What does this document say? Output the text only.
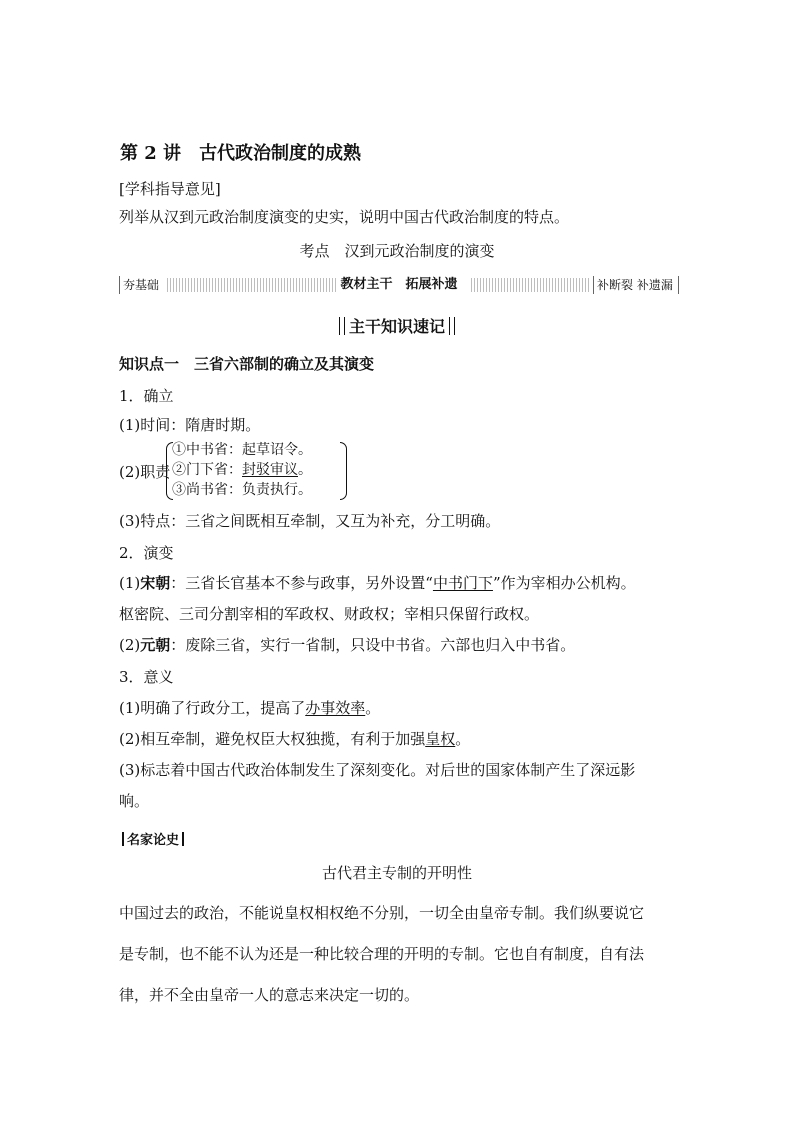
第 2 讲 古代政治制度的成熟
[学科指导意见]
列举从汉到元政治制度演变的史实，说明中国古代政治制度的特点。
考点　汉到元政治制度的演变
夯基础	教材主干　拓展补遗	补断裂 补遗漏
主干知识速记
知识点一　三省六部制的确立及其演变
1．确立
(1)时间：隋唐时期。
(2)职责
①中书省：起草诏令。
②门下省：封驳审议。
③尚书省：负责执行。
(3)特点：三省之间既相互牵制，又互为补充，分工明确。
2．演变
(1)宋朝：三省长官基本不参与政事，另外设置“中书门下”作为宰相办公机构。
枢密院、三司分割宰相的军政权、财政权；宰相只保留行政权。
(2)元朝：废除三省，实行一省制，只设中书省。六部也归入中书省。
3．意义
(1)明确了行政分工，提高了办事效率。
(2)相互牵制，避免权臣大权独揽，有利于加强皇权。
(3)标志着中国古代政治体制发生了深刻变化。对后世的国家体制产生了深远影
响。
名家论史
古代君主专制的开明性
中国过去的政治，不能说皇权相权绝不分别，一切全由皇帝专制。我们纵要说它
是专制，也不能不认为还是一种比较合理的开明的专制。它也自有制度，自有法
律，并不全由皇帝一人的意志来决定一切的。
